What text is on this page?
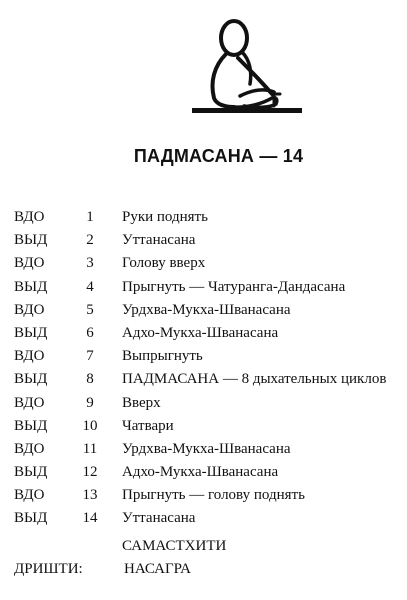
ПАДМАСАНА — 14
ВДО	1	Руки поднять
ВЫД	2	Уттанасана
ВДО	3	Голову вверх
ВЫД	4	Прыгнуть — Чатуранга-Дандасана
ВДО	5	Урдхва-Мукха-Шванасана
ВЫД	6	Адхо-Мукха-Шванасана
ВДО	7	Выпрыгнуть
ВЫД	8	ПАДМАСАНА — 8 дыхательных циклов
ВДО	9	Вверх
ВЫД	10	Чатвари
ВДО	11	Урдхва-Мукха-Шванасана
ВЫД	12	Адхо-Мукха-Шванасана
ВДО	13	Прыгнуть — голову поднять
ВЫД	14	Уттанасана
САМАСТХИТИ
ДРИШТИ:	НАСАГРА
